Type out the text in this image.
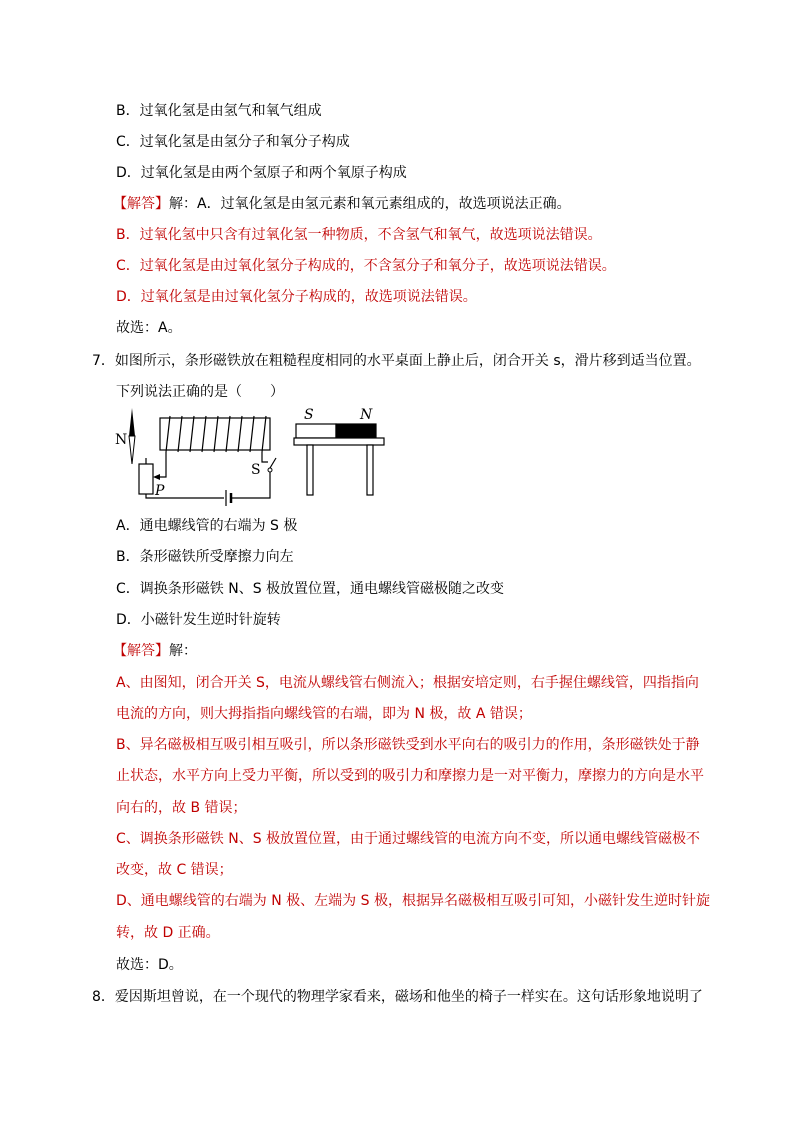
B．过氧化氢是由氢气和氧气组成
C．过氧化氢是由氢分子和氧分子构成
D．过氧化氢是由两个氢原子和两个氧原子构成
【解答】解：A．过氧化氢是由氢元素和氧元素组成的，故选项说法正确。
B．过氧化氢中只含有过氧化氢一种物质，不含氢气和氧气，故选项说法错误。
C．过氧化氢是由过氧化氢分子构成的，不含氢分子和氧分子，故选项说法错误。
D．过氧化氢是由过氧化氢分子构成的，故选项说法错误。
故选：A。
7．如图所示，条形磁铁放在粗糙程度相同的水平桌面上静止后，闭合开关 s，滑片移到适当位置。
下列说法正确的是（　　）
N
P
S
S	N
A．通电螺线管的右端为 S 极
B．条形磁铁所受摩擦力向左
C．调换条形磁铁 N、S 极放置位置，通电螺线管磁极随之改变
D．小磁针发生逆时针旋转
【解答】解：
A、由图知，闭合开关 S，电流从螺线管右侧流入；根据安培定则，右手握住螺线管，四指指向
电流的方向，则大拇指指向螺线管的右端，即为 N 极，故 A 错误；
B、异名磁极相互吸引相互吸引，所以条形磁铁受到水平向右的吸引力的作用，条形磁铁处于静
止状态，水平方向上受力平衡，所以受到的吸引力和摩擦力是一对平衡力，摩擦力的方向是水平
向右的，故 B 错误；
C、调换条形磁铁 N、S 极放置位置，由于通过螺线管的电流方向不变，所以通电螺线管磁极不
改变，故 C 错误；
D、通电螺线管的右端为 N 极、左端为 S 极，根据异名磁极相互吸引可知，小磁针发生逆时针旋
转，故 D 正确。
故选：D。
8．爱因斯坦曾说，在一个现代的物理学家看来，磁场和他坐的椅子一样实在。这句话形象地说明了
